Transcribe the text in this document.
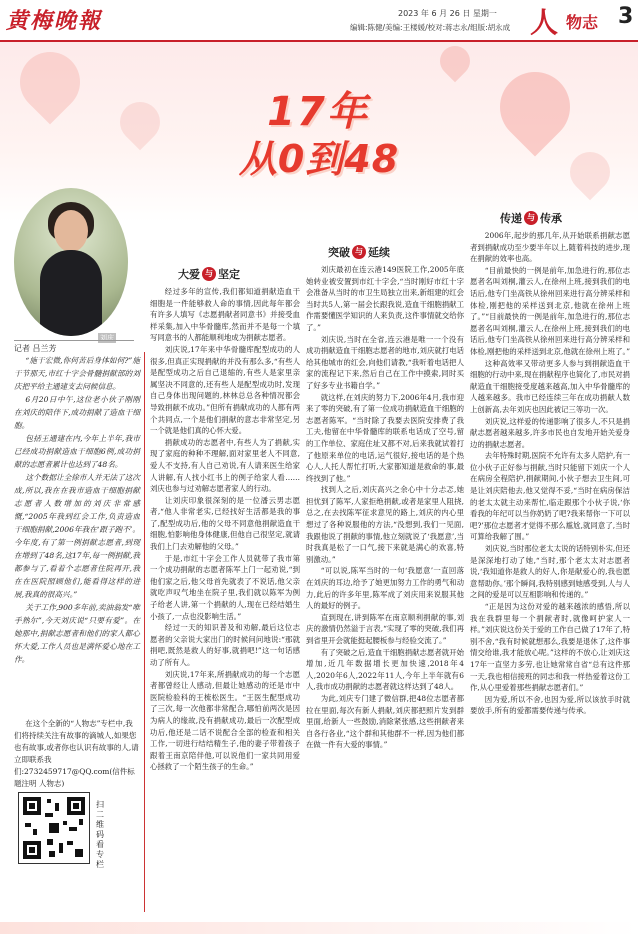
黄梅晚報	2023 年 6 月 26 日 星期一
编辑:陈健/美编:王楼媛/校对:蒋志永/组版:胡永成 人 物志 3
17年
从0到48
刘庆
记者 吕兰芳

“施干宏微,你何苦后身体如何?”施干节那天,市红十字会骨髓捐献部的刘庆把平给主通建支去问候信息。

6月20日中午,这位老小伙子刚刚在刘庆的陪伴下,成功捐献了造血干细胞。

包括王通建在内,今年上半年,我市已经成功捐献造血干细胞6例,成功捐献的志愿者累计也达到了48名。

这个数据让全徐市人并无法了这次成,所以,我在在我市造血干细胞捐献志愿者人数增加的刘庆非常感慨,“2005年我到红会工作,负责造血干细胞捐献,2006年我在‘跟子跑不’。今年度,有了第一例捐献志愿者,到现在增到了48名,这17年,每一例捐献,我都参与了,看着个志愿者住院再开,我在在医院照顾他们,能看得这样的进展,我真的很高兴。”

关于工作,900多年前,卖油翁发“唯手熟尔”,今天刘庆说“只要有爱”。在她那中,捐献志愿者和他们的家人都心怀大爱,工作人员也是满怀爱心地在工作。

在这个全新的“人物志”专栏中,我们将持续关注有故事的滴城人,如果您也有故事,或者你也认识有故事的人,请立即联系我们:2732459717@QQ.com(信件标题注明 人物志)

扫二维码看专栏
大爱 与 坚定

经过多年的宣传,我们都知道捐献造血干细胞是一件能够救人命的事情,因此每年都会有许多人填写《志愿捐献者同意书》并接受血样采集,加入中华骨髓库,然而并不是每一个填写同意书的人都能顺利地成为捐献志愿者。

刘庆说,17年来中华骨髓库配型成功的人很多,但真正实现捐献的并没有那么多,“有些人是配型成功之后自己退缩的,有些人是家里亲属坚决不同意的,还有些人是配型成功时,发现自己身体出现问题的,林林总总各种情况都会导致捐献不成功。”但所有捐献成功的人都有两个共同点,一个是他们捐献的意志非常坚定,另一个就是他们真的心怀大爱。

捐献成功的志愿者中,有些人为了捐献,实现了家庭的种种不理解,面对家里老人不同意,爱人不支持,有人自己劝说,有人请来医生给家人讲解,有人找小红书上的例子给家人看……刘庆也参与过劝解志愿者家人的行动。

让刘庆印象很深刻的是一位潘云男志愿者,“他人非常老实,已经找好生活都是我的事了,配型成功后,他的父母不同意他捐献造血干细胞,怕影响他身体健康,但他自己很坚定,就请我们上门去劝解他的父母。”

于是,市红十字会工作人员就带了我市第一个成功捐献的志愿者陈军上门一起劝说,“到他们家之后,他父母首先就表了不说话,他父亲就吃声叹气地坐在院子里,我们就以陈军为例子给老人讲,第一个捐献的人,现在已经结婚生小孩了,一点也没影响生活。”

经过一天的知识普及和劝解,最后这位志愿者的父亲说大家出门的时候问问地说:“那就捐吧,既然是救人的好事,就捐吧!”这一句话感动了所有人。

刘庆说,17年来,所捐献成功的每一个志愿者都曾经让人感动,但最让她感动的还是市中医院检验科的王梳松医生。“王医生配型成功了三次,每一次他都非常配合,哪怕前两次是因为病人的缘故,没有捐献成功,最后一次配型成功后,他还是二话不说配合全部的检查和相关工作,一切进行结结精生子,他的妻子带着孩子跟着王南京陪伴他,可以说他们一家共同用爱心拯救了一个陌生孩子的生命。”

突破 与 延续

刘庆最初在连云港149医院工作,2005年底她转业被安置到市红十字会,“当时刚好市红十字会准备从当时的市卫生局独立出来,新组建的红会当时共5人,第一届会长跟我说,造血干细胞捐献工作需要懂医学知识的人来负责,这件事情就交给你了。”

刘庆说,当时在全省,连云港是唯一一个没有成功捐献造血干细胞志愿者的地市,刘庆就打电话给其他城市的红会,向他们请教,“我听着电话把人家的流程记下来,然后自己在工作中摸索,同时买了好多专业书籍自学。”

就这样,在刘庆的努力下,2006年4月,我市迎来了零的突破,有了第一位成功捐献造血干细胞的志愿者陈军。“当时除了我要去医院安排费了我工夫,他留在中华骨髓库的联系电话成了空号,留的工作单位、家庭住址又都不对,后来我就试着打了他原来单位的电话,运气很好,接电话的是个热心人,人托人帮忙打听,大家都知道是救命的事,最终找到了他。”

找到人之后,刘庆高兴之余心中十分忐忑,她担忧到了陈军,人家拒绝捐献,或者是家里人阻挠,总之,在去找陈军征求意见的路上,刘庆的内心里想过了各种说服他的方法,“没想到,我们一见面,我跟他说了捐献的事情,他立刻就说了‘我愿意’,当时我真是松了一口气,接下来就是满心的欢喜,特别激动。”

“可以说,陈军当时的一句‘我愿意’一直回落在刘庆的耳边,给予了她更加努力工作的勇气和动力,此后的许多年里,陈军成了刘庆用来说服其他人的最好的例子。

直到现在,讲到陈军在南京顺利捐献的事,刘庆的激情仍然溢于言表,“实现了零的突破,我们再到省里开会就能挺起腰板参与经验交流了。”

有了突破之后,造血干细胞捐献志愿者就开始增加,近几年数据增长更加快速,2018年4人,2020年6人,2022年11人,今年上半年就有6人,我市成功捐献的志愿者就这样达到了48人。

为此,刘庆专门建了微信群,把48位志愿者都拉在里面,每次有新人捐献,刘庆都把照片发到群里面,给新人一些鼓励,消除紧张感,这些捐献者来自各行各业,“这个群和其他群不一样,因为他们都在做一件有大爱的事情。”

传递 与 传承

2006年,起步的那几年,从开始联系捐献志愿者到捐献成功至少要半年以上,随着科技的进步,现在捐献的效率也高。

“目前最快的一例是前年,加急进行的,那位志愿者名叫刘桐,灌云人,在徐州上班,接到我们的电话后,他专门坐高铁从徐州回来进行高分辨采样和体检,刚把他的采样送到北京,他就在徐州上班了。”“目前最快的一例是前年,加急进行的,那位志愿者名叫刘桐,灌云人,在徐州上班,接到我们的电话后,他专门坐高铁从徐州回来进行高分辨采样和体检,刚把他的采样送到北京,他就在徐州上班了。”

这种高效率又带动更多人参与到捐献造血干细胞的行动中来,现在捐献程序也简化了,市民对捐献造血干细胞接受度越来越高,加入中华骨髓库的人越来越多。我市已经连续三年在成功捐献人数上创新高,去年刘庆也因此被记三等功一次。

刘庆说,这样爱的传递影响了很多人,不只是捐献志愿者越来越多,许多市民也自发地开始关爱身边的捐献志愿者。

去年特殊时期,医院不允许有太多人陪护,有一位小伙子正好参与捐献,当时只能留下刘庆一个人在病房全程陪护,捐献期间,小伙子想去卫生间,可是让刘庆陪他去,他又觉得不妥,“当时在病房保洁的老太太就主动来帮忙,临走跟那个小伙子说,‘你看我的年纪可以当你奶奶了吧?我来帮你一下可以吧?’那位志愿者才觉得不那么尴尬,就同意了,当时可算给我解了围。”

刘庆说,当时那位老太太说的话特别朴实,但还是深深地打动了她,“当时,那个老太太对志愿者说,‘我知道你是救人的好人,你是献爱心的,我也愿意帮助你。’那个瞬间,我特别感到她感受到,人与人之间的爱是可以互相影响和传递的。”

“正是因为这份对爱的越来越浓的感悟,所以我在我群里每一个捐献者时,就像呵护家人一样。”刘庆说这份关于爱的工作自己做了17年了,特别不舍,“我有时候就想那么,我要是退休了,这件事情交给谁,我才能放心呢。”这样的不放心,让刘庆这17年一直坚力多劳,也让她常常自省“总有这件那一天,我也相信接班的同志和我一样热爱着这份工作,从心里爱着那些捐献志愿者们。”

因为爱,所以不舍,也因为爱,所以该放手时就要放手,所有的爱都需要传递与传承。
